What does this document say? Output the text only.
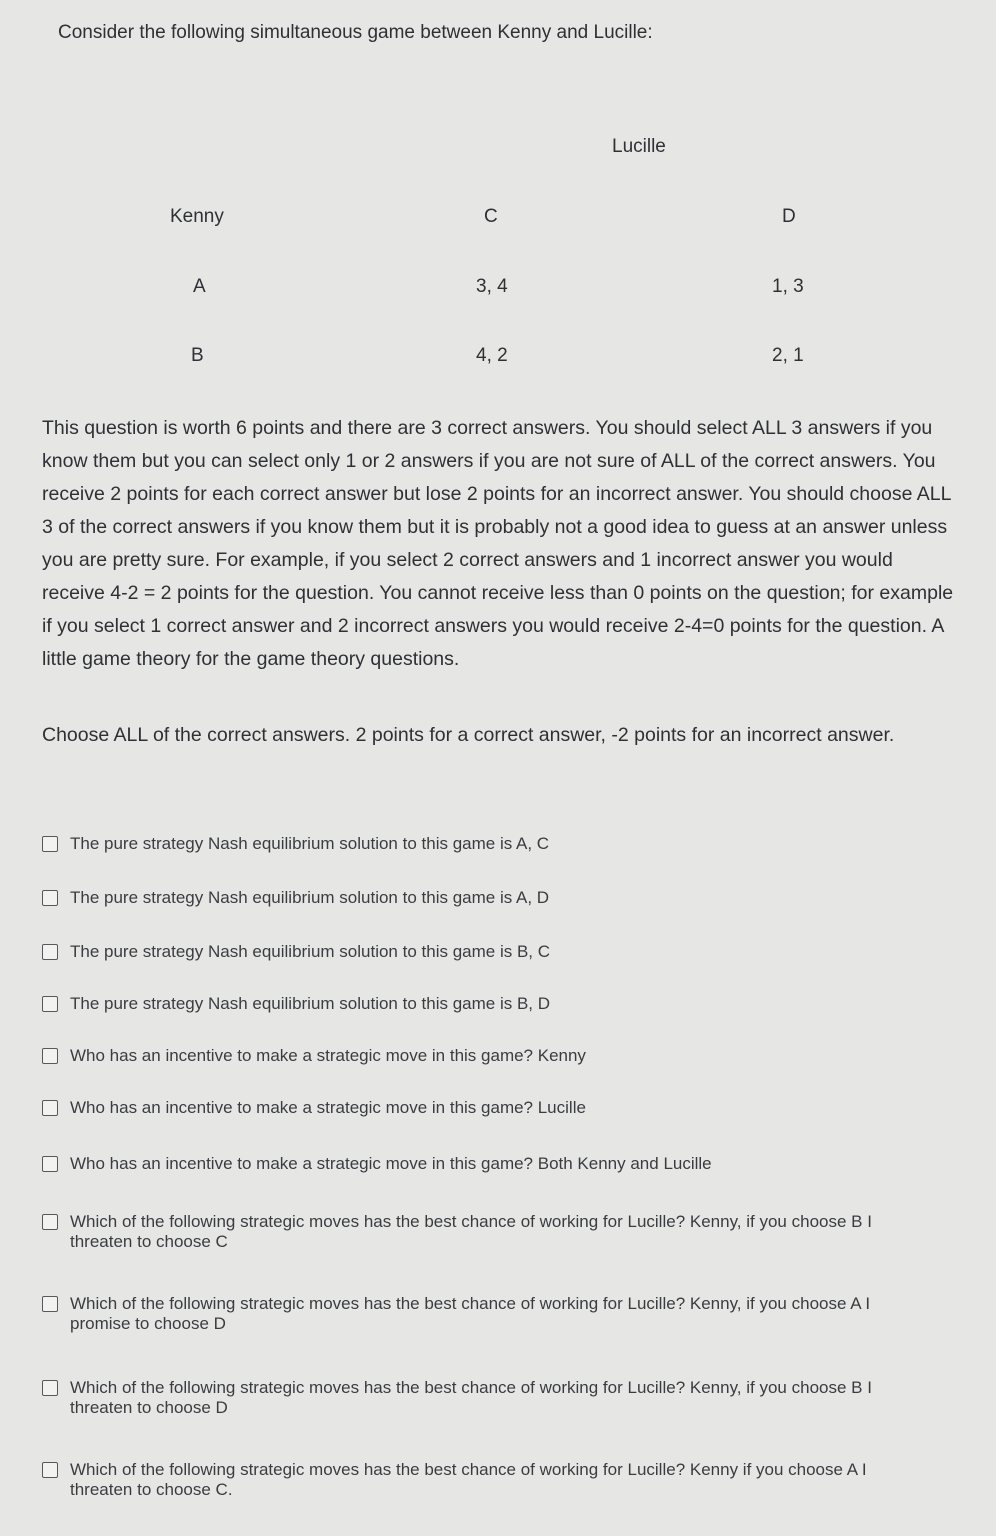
Consider the following simultaneous game between Kenny and Lucille:
Lucille
Kenny	C	D
A	3, 4	1, 3
B	4, 2	2, 1
This question is worth 6 points and there are 3 correct answers. You should select ALL 3 answers if you know them but you can select only 1 or 2 answers if you are not sure of ALL of the correct answers. You receive 2 points for each correct answer but lose 2 points for an incorrect answer. You should choose ALL 3 of the correct answers if you know them but it is probably not a good idea to guess at an answer unless you are pretty sure. For example, if you select 2 correct answers and 1 incorrect answer you would receive 4-2 = 2 points for the question. You cannot receive less than 0 points on the question; for example if you select 1 correct answer and 2 incorrect answers you would receive 2-4=0 points for the question. A little game theory for the game theory questions.
Choose ALL of the correct answers. 2 points for a correct answer, -2 points for an incorrect answer.
The pure strategy Nash equilibrium solution to this game is A, C
The pure strategy Nash equilibrium solution to this game is A, D
The pure strategy Nash equilibrium solution to this game is B, C
The pure strategy Nash equilibrium solution to this game is B, D
Who has an incentive to make a strategic move in this game? Kenny
Who has an incentive to make a strategic move in this game? Lucille
Who has an incentive to make a strategic move in this game? Both Kenny and Lucille
Which of the following strategic moves has the best chance of working for Lucille? Kenny, if you choose B I threaten to choose C
Which of the following strategic moves has the best chance of working for Lucille? Kenny, if you choose A I promise to choose D
Which of the following strategic moves has the best chance of working for Lucille? Kenny, if you choose B I threaten to choose D
Which of the following strategic moves has the best chance of working for Lucille? Kenny if you choose A I threaten to choose C.
